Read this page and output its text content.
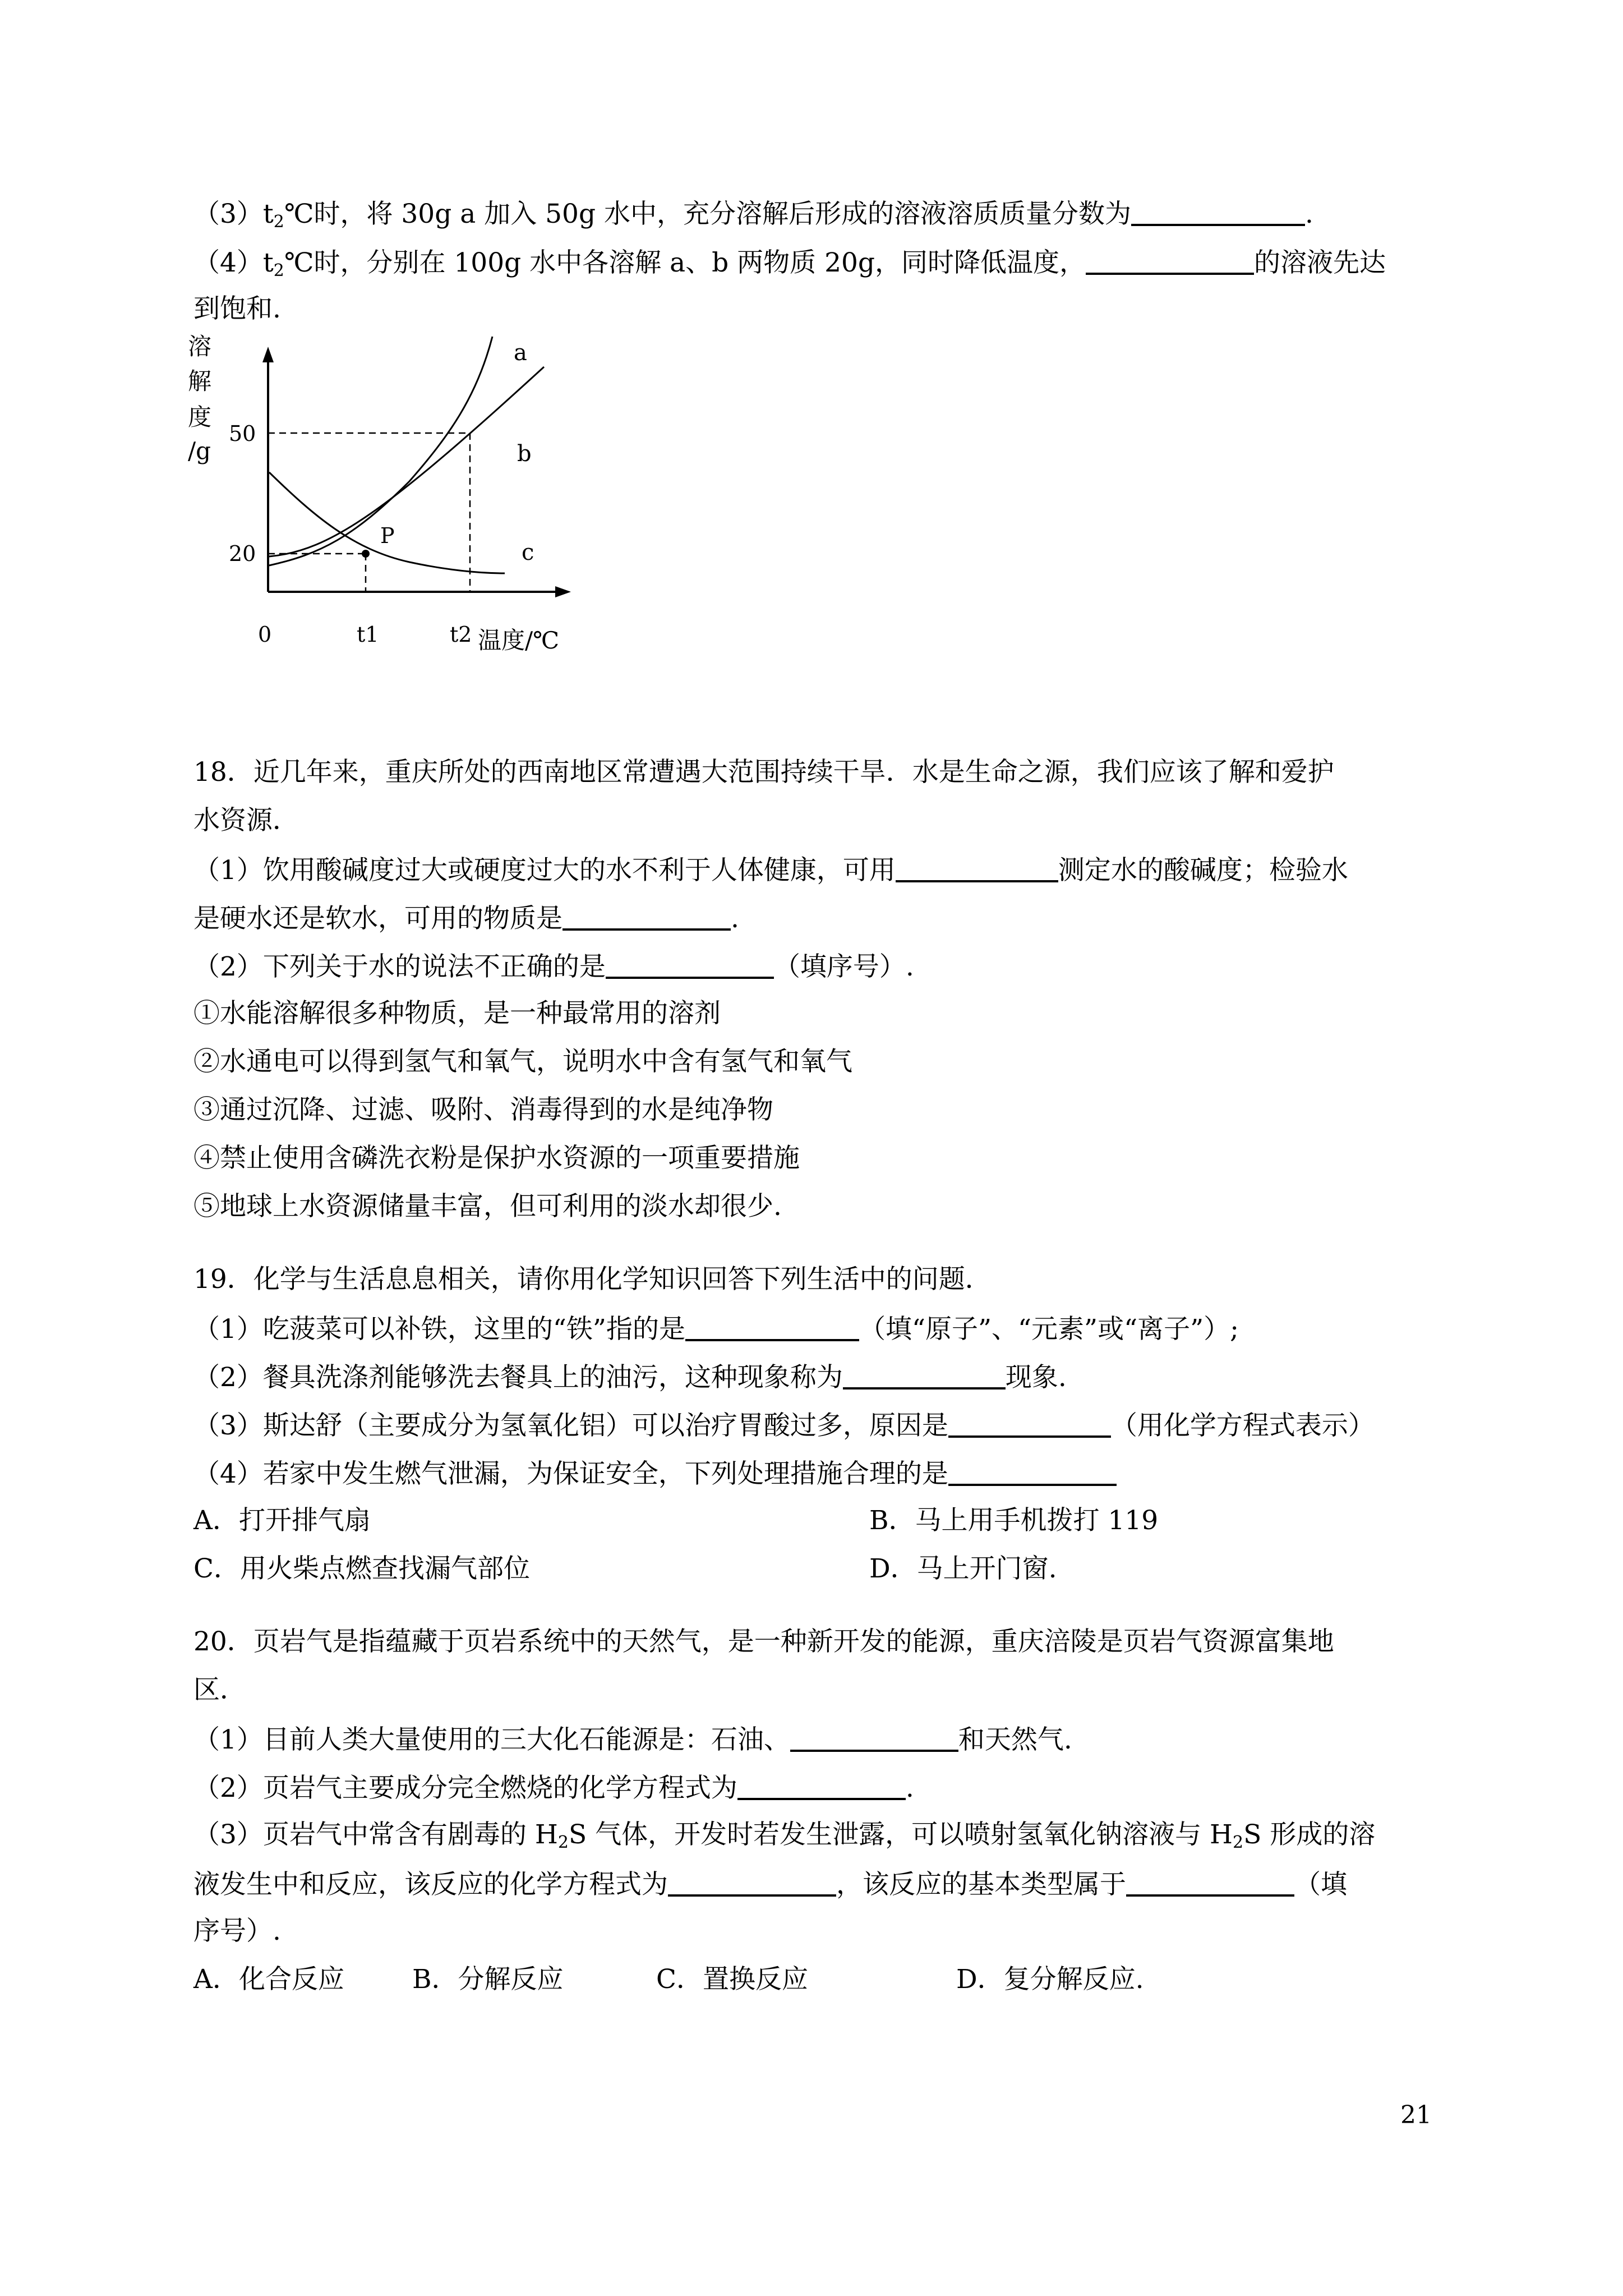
$(3)t_2℃$时，将 30g a 加入 50g 水中，充分溶解后形成的溶液溶质质量分数为	.
$(4)t_2℃$时，分别在 100g 水中各溶解 a、b 两物质 20g，同时降低温度，	的溶液先达
到饱和.
P
a
b
c
50
20
0	t1	t2
溶 解 度 /g
温度/℃
18．近几年来，重庆所处的西南地区常遭遇大范围持续干旱．水是生命之源，我们应该了解和爱护
水资源．
（1）饮用酸碱度过大或硬度过大的水不利于人体健康，可用	测定水的酸碱度；检验水
是硬水还是软水，可用的物质是	.
（2）下列关于水的说法不正确的是	（填序号）.
①水能溶解很多种物质，是一种最常用的溶剂
②水通电可以得到氢气和氧气，说明水中含有氢气和氧气
③通过沉降、过滤、吸附、消毒得到的水是纯净物
④禁止使用含磷洗衣粉是保护水资源的一项重要措施
⑤地球上水资源储量丰富，但可利用的淡水却很少.
19．化学与生活息息相关，请你用化学知识回答下列生活中的问题．
（1）吃菠菜可以补铁，这里的“铁”指的是	（填“原子”、“元素”或“离子”）;
（2）餐具洗涤剂能够洗去餐具上的油污，这种现象称为	现象.
（3）斯达舒（主要成分为氢氧化铝）可以治疗胃酸过多，原因是	（用化学方程式表示）
（4）若家中发生燃气泄漏，为保证安全，下列处理措施合理的是
A．打开排气扇	B．马上用手机拨打 119
C．用火柴点燃查找漏气部位	D．马上开门窗.
20．页岩气是指蕴藏于页岩系统中的天然气，是一种新开发的能源，重庆涪陵是页岩气资源富集地
区．
（1）目前人类大量使用的三大化石能源是：石油、	和天然气.
（2）页岩气主要成分完全燃烧的化学方程式为	.
（3）页岩气中常含有剧毒的 $H_2S$ 气体，开发时若发生泄露，可以喷射氢氧化钠溶液与 $H_2S$ 形成的溶
液发生中和反应，该反应的化学方程式为	，该反应的基本类型属于	（填
序号）.
A．化合反应	B．分解反应	C．置换反应	D．复分解反应.
21
